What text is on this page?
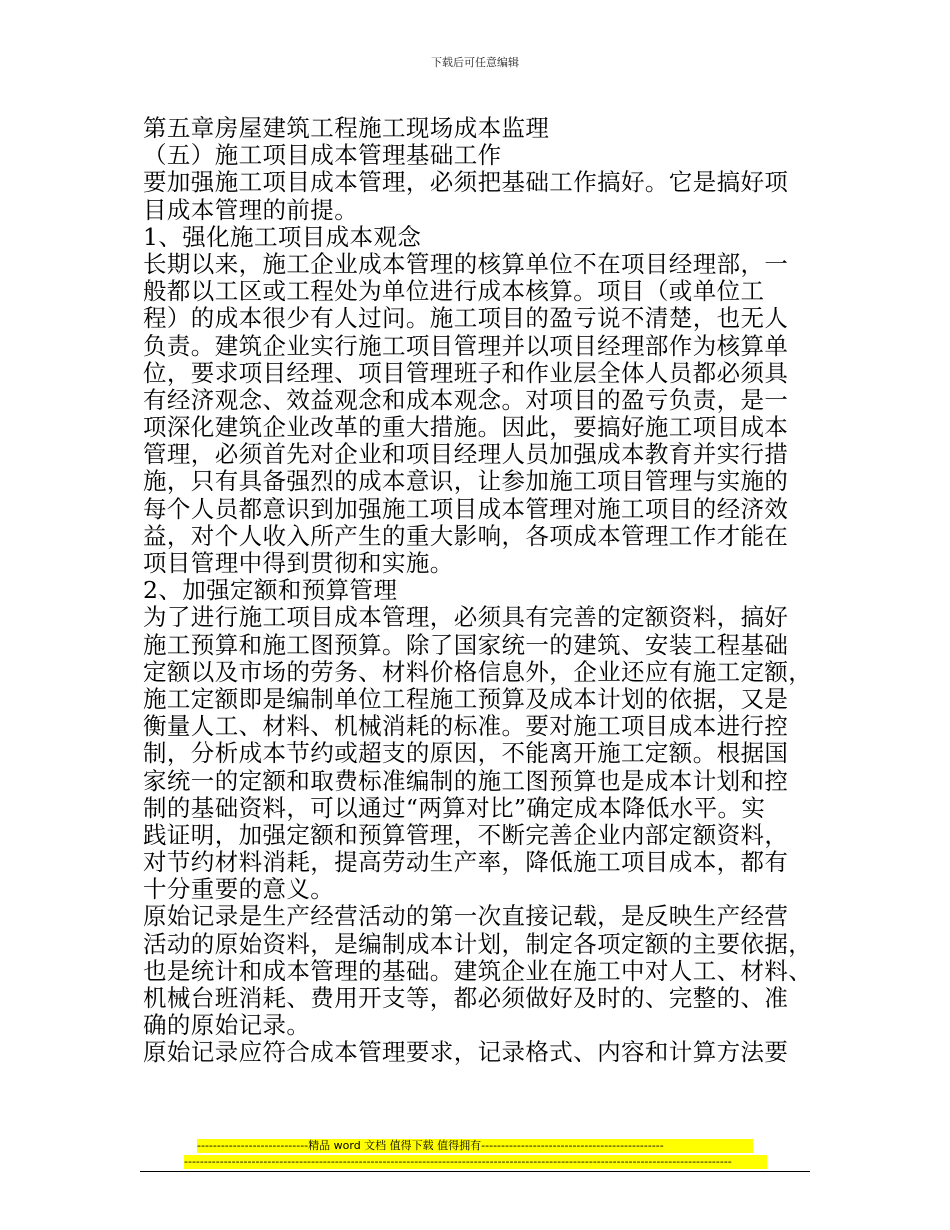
下载后可任意编辑
第五章房屋建筑工程施工现场成本监理
（五）施工项目成本管理基础工作
要加强施工项目成本管理，必须把基础工作搞好。它是搞好项
目成本管理的前提。
1、强化施工项目成本观念
长期以来，施工企业成本管理的核算单位不在项目经理部，一
般都以工区或工程处为单位进行成本核算。项目（或单位工
程）的成本很少有人过问。施工项目的盈亏说不清楚，也无人
负责。建筑企业实行施工项目管理并以项目经理部作为核算单
位，要求项目经理、项目管理班子和作业层全体人员都必须具
有经济观念、效益观念和成本观念。对项目的盈亏负责，是一
项深化建筑企业改革的重大措施。因此，要搞好施工项目成本
管理，必须首先对企业和项目经理人员加强成本教育并实行措
施，只有具备强烈的成本意识，让参加施工项目管理与实施的
每个人员都意识到加强施工项目成本管理对施工项目的经济效
益，对个人收入所产生的重大影响，各项成本管理工作才能在
项目管理中得到贯彻和实施。
2、加强定额和预算管理
为了进行施工项目成本管理，必须具有完善的定额资料，搞好
施工预算和施工图预算。除了国家统一的建筑、安装工程基础
定额以及市场的劳务、材料价格信息外，企业还应有施工定额，
施工定额即是编制单位工程施工预算及成本计划的依据，又是
衡量人工、材料、机械消耗的标准。要对施工项目成本进行控
制，分析成本节约或超支的原因，不能离开施工定额。根据国
家统一的定额和取费标准编制的施工图预算也是成本计划和控
制的基础资料，可以通过“两算对比”确定成本降低水平。实
践证明，加强定额和预算管理，不断完善企业内部定额资料，
对节约材料消耗，提高劳动生产率，降低施工项目成本，都有
十分重要的意义。
原始记录是生产经营活动的第一次直接记载，是反映生产经营
活动的原始资料，是编制成本计划，制定各项定额的主要依据，
也是统计和成本管理的基础。建筑企业在施工中对人工、材料、
机械台班消耗、费用开支等，都必须做好及时的、完整的、准
确的原始记录。
原始记录应符合成本管理要求，记录格式、内容和计算方法要
----------------------------精品 word 文档 值得下载 值得拥有----------------------------------------------
------------------------------------------------------------------------------------------------------------------------------------------
